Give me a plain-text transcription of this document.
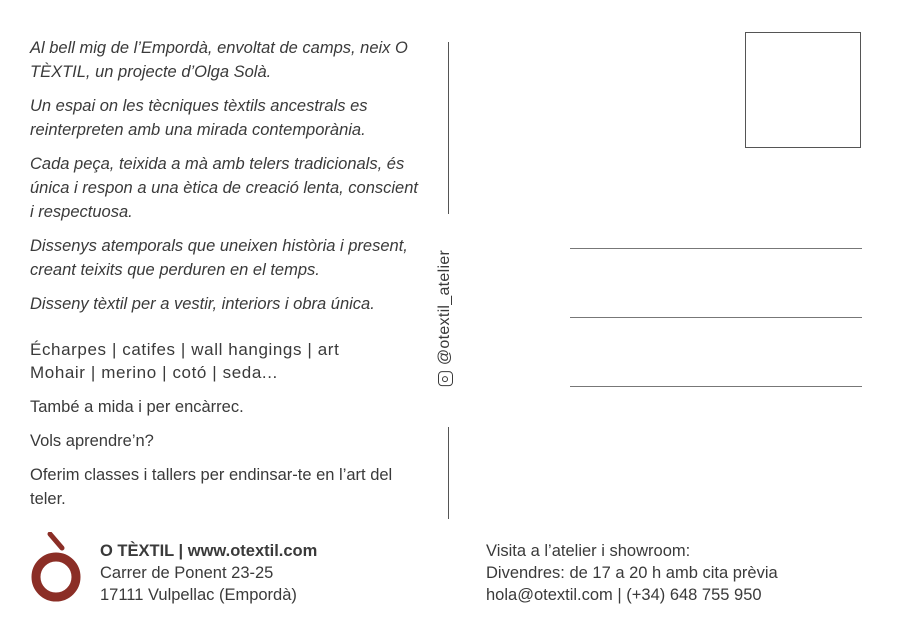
Al bell mig de l’Empordà, envoltat de camps, neix O TÈXTIL, un projecte d’Olga Solà.

Un espai on les tècniques tèxtils ancestrals es reinterpreten amb una mirada contemporània.

Cada peça, teixida a mà amb telers tradicionals, és única i respon a una ètica de creació lenta, conscient i respectuosa.

Dissenys atemporals que uneixen història i present, creant teixits que perduren en el temps.

Disseny tèxtil per a vestir, interiors i obra única.

Écharpes | catifes | wall hangings | art
Mohair | merino | cotó | seda...

També a mida i per encàrrec.

Vols aprendre’n?

Oferim classes i tallers per endinsar-te en l’art del teler.

@otextil_atelier
O TÈXTIL | www.otextil.com
Carrer de Ponent 23-25
17111 Vulpellac (Empordà)
Visita a l’atelier i showroom:
Divendres: de 17 a 20 h amb cita prèvia
hola@otextil.com | (+34) 648 755 950
